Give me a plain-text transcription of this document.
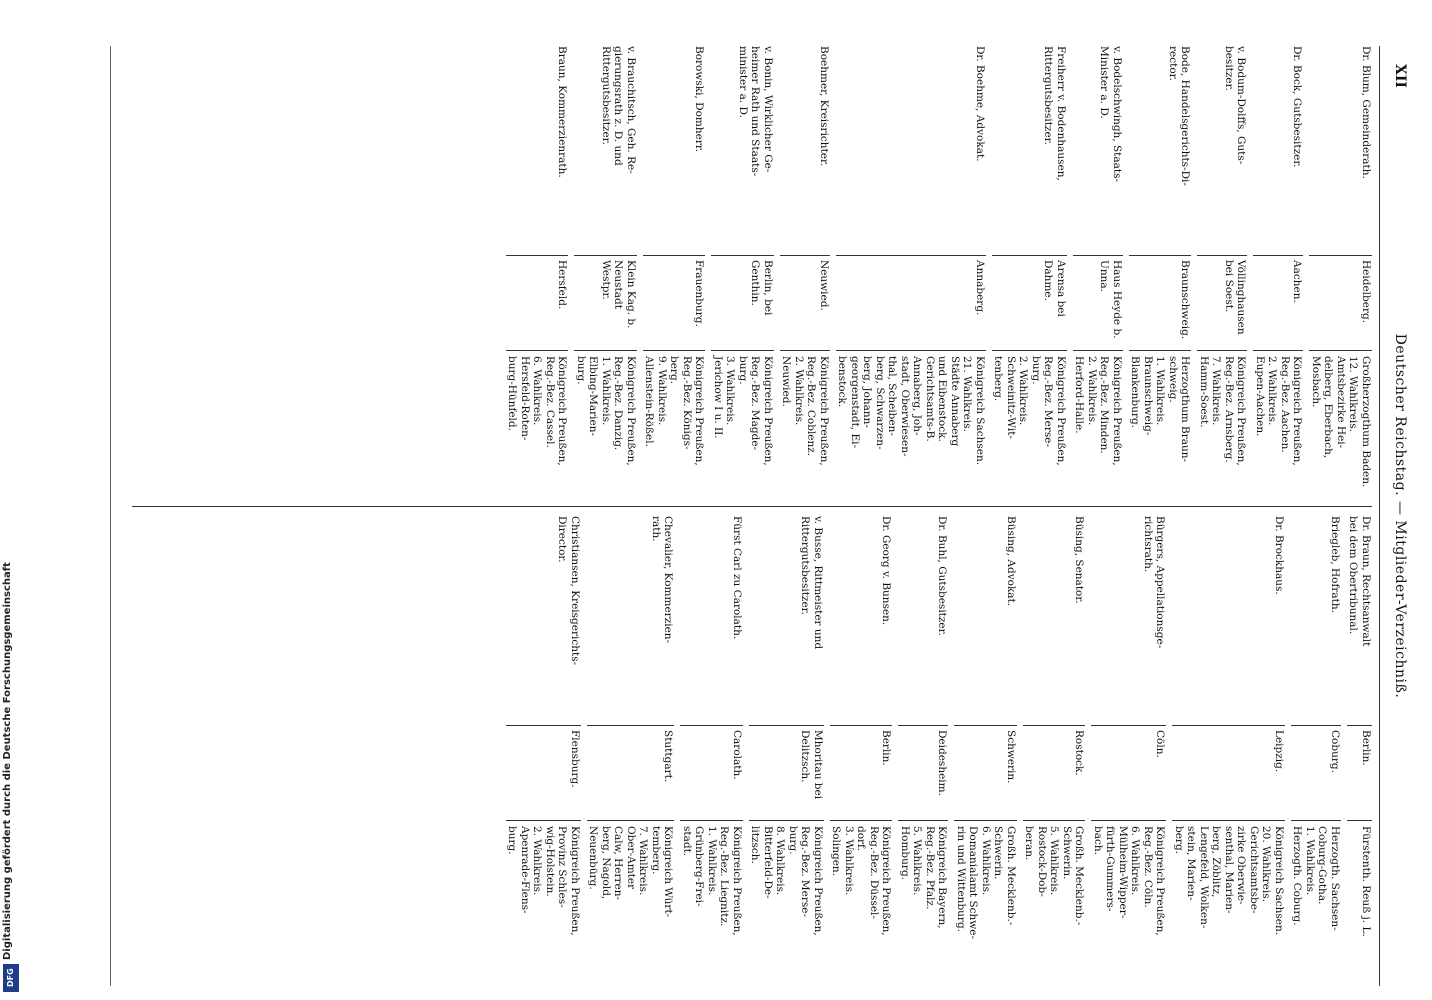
Digitalisierung gefördert durch die Deutsche Forschungsgemeinschaft
DFG
Deutscher Reichstag. — Mitglieder-Verzeichniß.
XII
Dr. Blum, Gemeinderath.
Heidelberg.
Großherzogthum Baden.
12. Wahlkreis.
Amtsbezirke Hei-
delberg, Eberbach,
Mosbach.
Dr. Bock, Gutsbesitzer.
Aachen.
Königreich Preußen,
Reg.-Bez. Aachen.
2. Wahlkreis.
Eupen-Aachen.
v. Bodum-Dolffs, Guts-
besitzer.
Völlinghausen
bei Soest.
Königreich Preußen,
Reg.-Bez. Arnsberg.
7. Wahlkreis.
Hamm-Soest.
Bode, Handelsgerichts-Di-
rector.
Braunschweig.
Herzogthum Braun-
schweig.
1. Wahlkreis.
Braunschweig-
Blankenburg.
v. Bodelschwingh, Staats-
Minister a. D.
Haus Heyde b.
Unna.
Königreich Preußen,
Reg.-Bez. Minden.
2. Wahlkreis.
Herford-Halle.
Freiherr v. Bodenhausen,
Rittergutsbesitzer.
Arensa bei
Dahme.
Königreich Preußen,
Reg.-Bez. Merse-
burg.
2. Wahlkreis.
Schweinitz-Wit-
tenberg.
Dr. Boehme, Advokat.
Annaberg.
Königreich Sachsen.
21. Wahlkreis.
Städte Annaberg
und Eibenstock.
Gerichtsamts-B.
Annaberg, Joh-
stadt, Oberwiesen-
thal, Scheiben-
berg, Schwarzen-
berg, Johann-
georgenstadt, Ei-
benstock.
Boehmer, Kreisrichter.
Neuwied.
Königreich Preußen,
Reg.-Bez. Coblenz.
2. Wahlkreis.
Neuwied.
v. Bonin, Wirklicher Ge-
heimer Rath und Staats-
minister a. D.
Berlin, bei
Genthin.
Königreich Preußen,
Reg.-Bez. Magde-
burg.
3. Wahlkreis.
Jerichow I u. II.
Borowski, Domherr.
Frauenburg.
Königreich Preußen,
Reg.-Bez. Königs-
berg.
9. Wahlkreis.
Allenstein-Rößel.
v. Brauchitsch, Geh. Re-
gierungsrath z. D. und
Rittergutsbesitzer.
Klein Kag. b.
Neustadt
Westpr.
Königreich Preußen,
Reg.-Bez. Danzig.
1. Wahlkreis.
Elbing-Marien-
burg.
Braun, Kommerzienrath.
Hersfeld.
Königreich Preußen,
Reg.-Bez. Cassel.
6. Wahlkreis.
Hersfeld-Roten-
burg-Hünfeld.
Dr. Braun, Rechtsanwalt
bei dem Obertribunal.
Berlin.
Fürstenth. Reuß j. L.
Briegleb, Hofrath.
Coburg.
Herzogth. Sachsen-
Coburg-Gotha.
1. Wahlkreis.
Herzogth. Coburg.
Dr. Brockhaus.
Leipzig.
Königreich Sachsen.
20. Wahlkreis.
Gerichtsamtsbe-
zirke Oberwie-
senthal, Marien-
berg, Zöblitz,
Lengefeld, Wolken-
stein, Marien-
berg.
Bürgers, Appellationsge-
richtsrath.
Cöln.
Königreich Preußen,
Reg.-Bez. Cöln.
6. Wahlkreis.
Mülheim-Wipper-
fürth-Gummers-
bach.
Büsing, Senator.
Rostock.
Großh. Mecklenb.-
Schwerin.
5. Wahlkreis.
Rostock-Dob-
beran.
Büsing, Advokat.
Schwerin.
Großh. Mecklenb.-
Schwerin.
6. Wahlkreis.
Domanialamt Schwe-
rin und Wittenburg.
Dr. Buhl, Gutsbesitzer.
Deidesheim.
Königreich Bayern,
Reg.-Bez. Pfalz.
5. Wahlkreis.
Homburg.
Dr. Georg v. Bunsen.
Berlin.
Königreich Preußen,
Reg.-Bez. Düssel-
dorf.
3. Wahlkreis.
Solingen.
v. Busse, Rittmeister und
Rittergutsbesitzer.
Mhoritau bei
Delitzsch.
Königreich Preußen,
Reg.-Bez. Merse-
burg.
8. Wahlkreis.
Bitterfeld-De-
litzsch.
Fürst Carl zu Carolath.
Carolath.
Königreich Preußen,
Reg.-Bez. Liegnitz.
1. Wahlkreis.
Grünberg-Frei-
stadt.
Chevalier, Kommerzien-
rath.
Stuttgart.
Königreich Würt-
temberg.
7. Wahlkreis.
Ober-Amter
Calw, Herren-
berg, Nagold,
Neuenbürg.
Christiansen, Kreisgerichts-
Director.
Flensburg.
Königreich Preußen,
Provinz Schles-
wig-Holstein.
2. Wahlkreis.
Apenrade-Flens-
burg.
